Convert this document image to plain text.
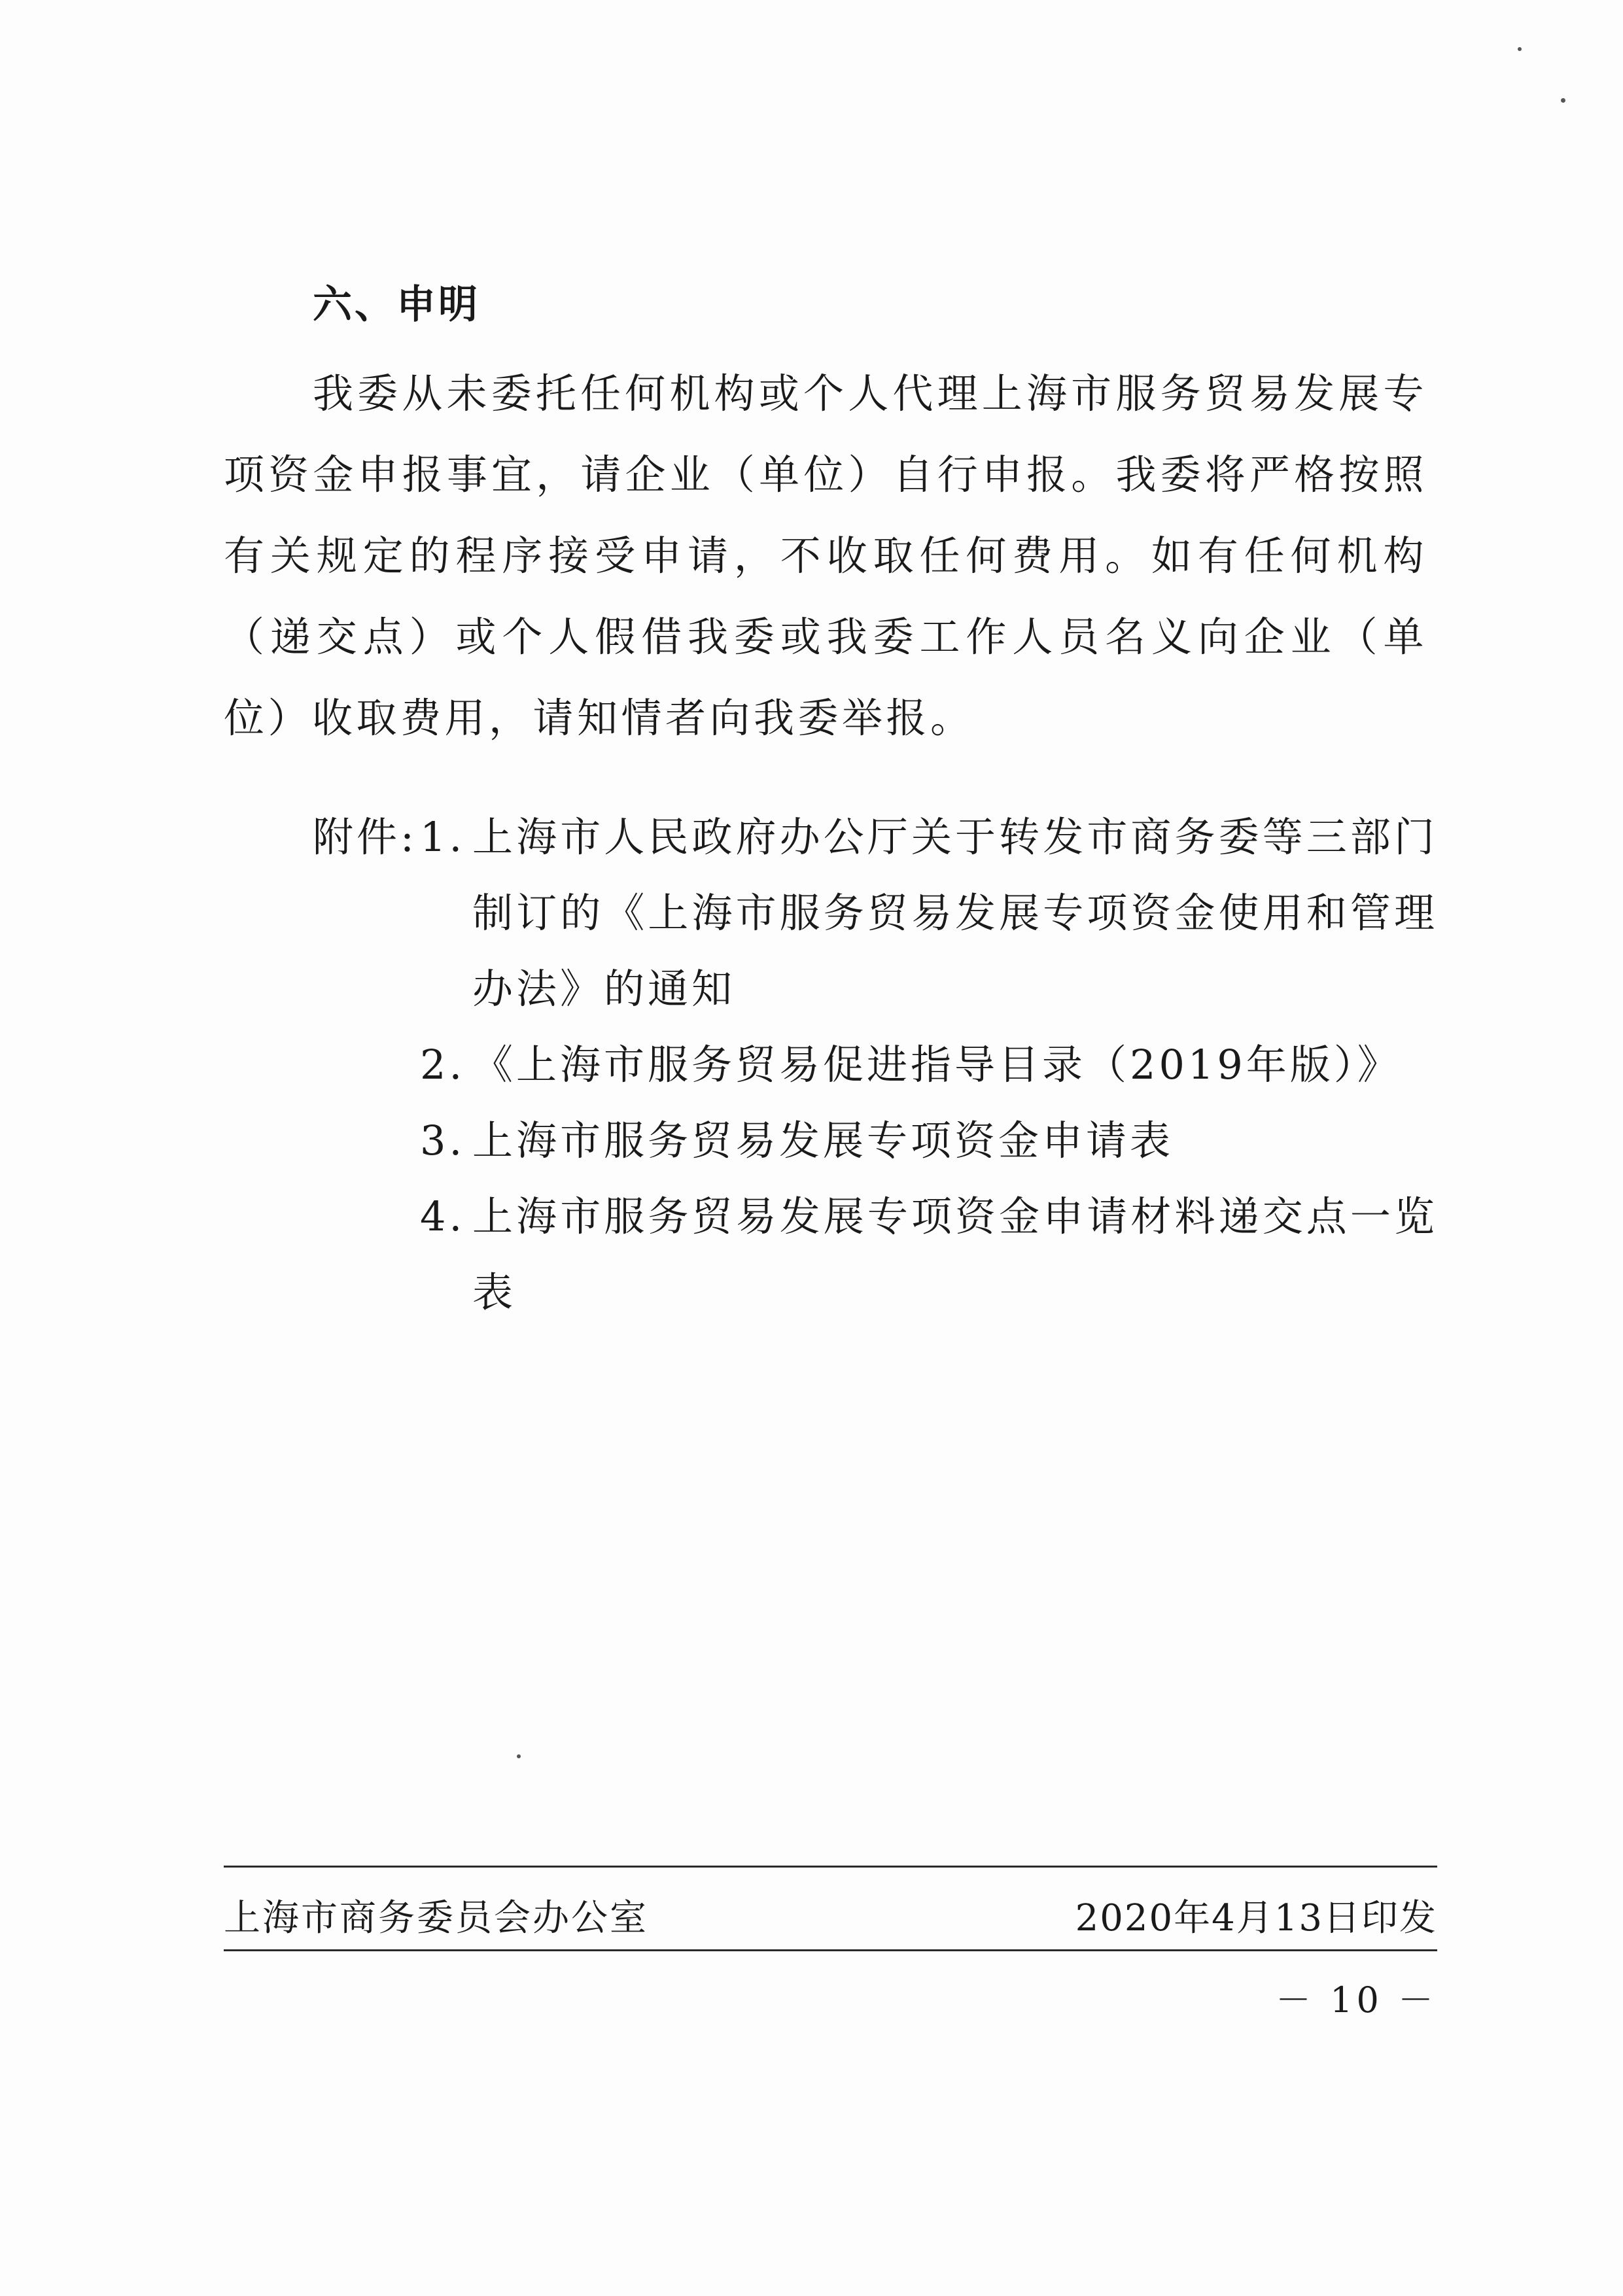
六、申明

我委从未委托任何机构或个人代理上海市服务贸易发展专项资金申报事宜，请企业（单位）自行申报。我委将严格按照有关规定的程序接受申请，不收取任何费用。如有任何机构（递交点）或个人假借我委或我委工作人员名义向企业（单位）收取费用，请知情者向我委举报。

附件: 1. 上海市人民政府办公厅关于转发市商务委等三部门制订的《上海市服务贸易发展专项资金使用和管理办法》的通知
2. 《上海市服务贸易促进指导目录（2019年版）》
3. 上海市服务贸易发展专项资金申请表
4. 上海市服务贸易发展专项资金申请材料递交点一览表
上海市商务委员会办公室	2020年4月13日印发
－ 10 －
